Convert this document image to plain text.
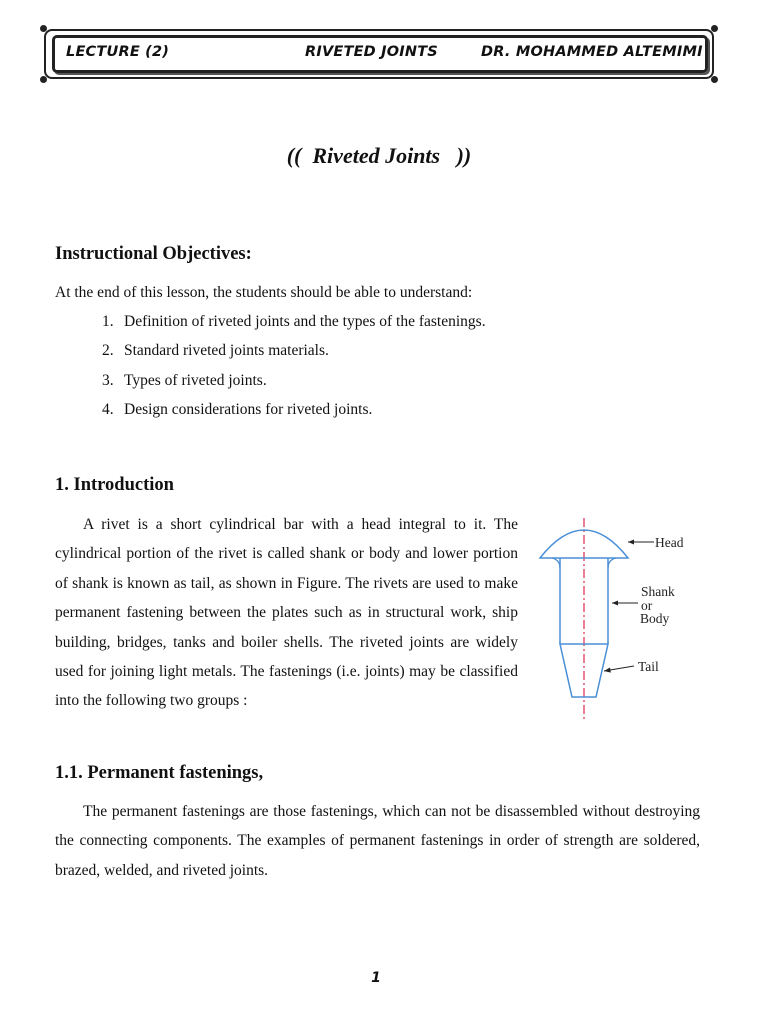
LECTURE (2)	RIVETED JOINTS	DR. MOHAMMED ALTEMIMI
((  Riveted Joints   ))
Instructional Objectives:
At the end of this lesson, the students should be able to understand:
1. Definition of riveted joints and the types of the fastenings.
2. Standard riveted joints materials.
3. Types of riveted joints.
4. Design considerations for riveted joints.
1. Introduction

A rivet is a short cylindrical bar with a head integral to it. The cylindrical portion of the rivet is called shank or body and lower portion of shank is known as tail, as shown in Figure. The rivets are used to make permanent fastening between the plates such as in structural work, ship building, bridges, tanks and boiler shells. The riveted joints are widely used for joining light metals. The fastenings (i.e. joints) may be classified into the following two groups :

Head
Shank
or
Body
Tail
1.1. Permanent fastenings,

The permanent fastenings are those fastenings, which can not be disassembled without destroying the connecting components. The examples of permanent fastenings in order of strength are soldered, brazed, welded, and riveted joints.

1
